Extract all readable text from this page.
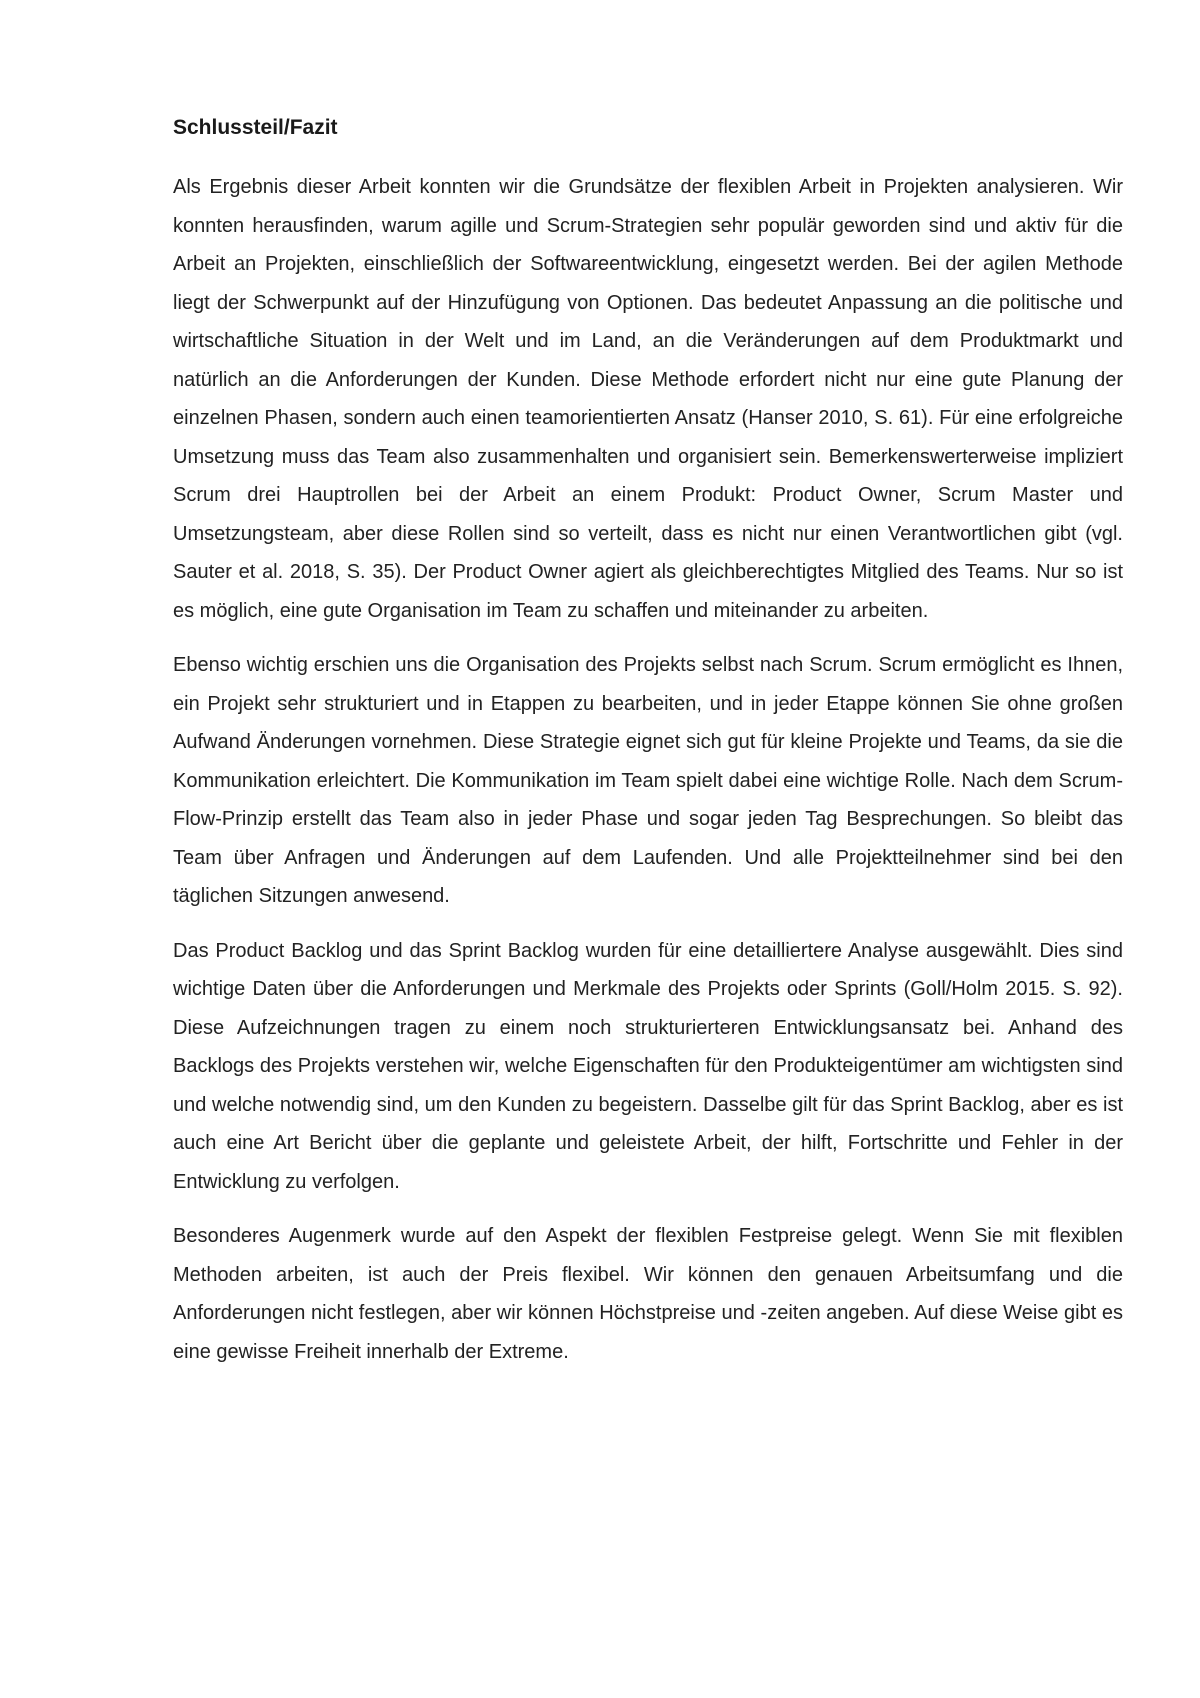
Schlussteil/Fazit

Als Ergebnis dieser Arbeit konnten wir die Grundsätze der flexiblen Arbeit in Projekten analysieren. Wir konnten herausfinden, warum agille und Scrum-Strategien sehr populär geworden sind und aktiv für die Arbeit an Projekten, einschließlich der Softwareentwicklung, eingesetzt werden. Bei der agilen Methode liegt der Schwerpunkt auf der Hinzufügung von Optionen. Das bedeutet Anpassung an die politische und wirtschaftliche Situation in der Welt und im Land, an die Veränderungen auf dem Produktmarkt und natürlich an die Anforderungen der Kunden. Diese Methode erfordert nicht nur eine gute Planung der einzelnen Phasen, sondern auch einen teamorientierten Ansatz (Hanser 2010, S. 61). Für eine erfolgreiche Umsetzung muss das Team also zusammenhalten und organisiert sein. Bemerkenswerterweise impliziert Scrum drei Hauptrollen bei der Arbeit an einem Produkt: Product Owner, Scrum Master und Umsetzungsteam, aber diese Rollen sind so verteilt, dass es nicht nur einen Verantwortlichen gibt (vgl. Sauter et al. 2018, S. 35). Der Product Owner agiert als gleichberechtigtes Mitglied des Teams. Nur so ist es möglich, eine gute Organisation im Team zu schaffen und miteinander zu arbeiten.

Ebenso wichtig erschien uns die Organisation des Projekts selbst nach Scrum. Scrum ermöglicht es Ihnen, ein Projekt sehr strukturiert und in Etappen zu bearbeiten, und in jeder Etappe können Sie ohne großen Aufwand Änderungen vornehmen. Diese Strategie eignet sich gut für kleine Projekte und Teams, da sie die Kommunikation erleichtert. Die Kommunikation im Team spielt dabei eine wichtige Rolle. Nach dem Scrum-Flow-Prinzip erstellt das Team also in jeder Phase und sogar jeden Tag Besprechungen. So bleibt das Team über Anfragen und Änderungen auf dem Laufenden. Und alle Projektteilnehmer sind bei den täglichen Sitzungen anwesend.

Das Product Backlog und das Sprint Backlog wurden für eine detailliertere Analyse ausgewählt. Dies sind wichtige Daten über die Anforderungen und Merkmale des Projekts oder Sprints (Goll/Holm 2015. S. 92). Diese Aufzeichnungen tragen zu einem noch strukturierteren Entwicklungsansatz bei. Anhand des Backlogs des Projekts verstehen wir, welche Eigenschaften für den Produkteigentümer am wichtigsten sind und welche notwendig sind, um den Kunden zu begeistern. Dasselbe gilt für das Sprint Backlog, aber es ist auch eine Art Bericht über die geplante und geleistete Arbeit, der hilft, Fortschritte und Fehler in der Entwicklung zu verfolgen.

Besonderes Augenmerk wurde auf den Aspekt der flexiblen Festpreise gelegt. Wenn Sie mit flexiblen Methoden arbeiten, ist auch der Preis flexibel. Wir können den genauen Arbeitsumfang und die Anforderungen nicht festlegen, aber wir können Höchstpreise und -zeiten angeben. Auf diese Weise gibt es eine gewisse Freiheit innerhalb der Extreme.
